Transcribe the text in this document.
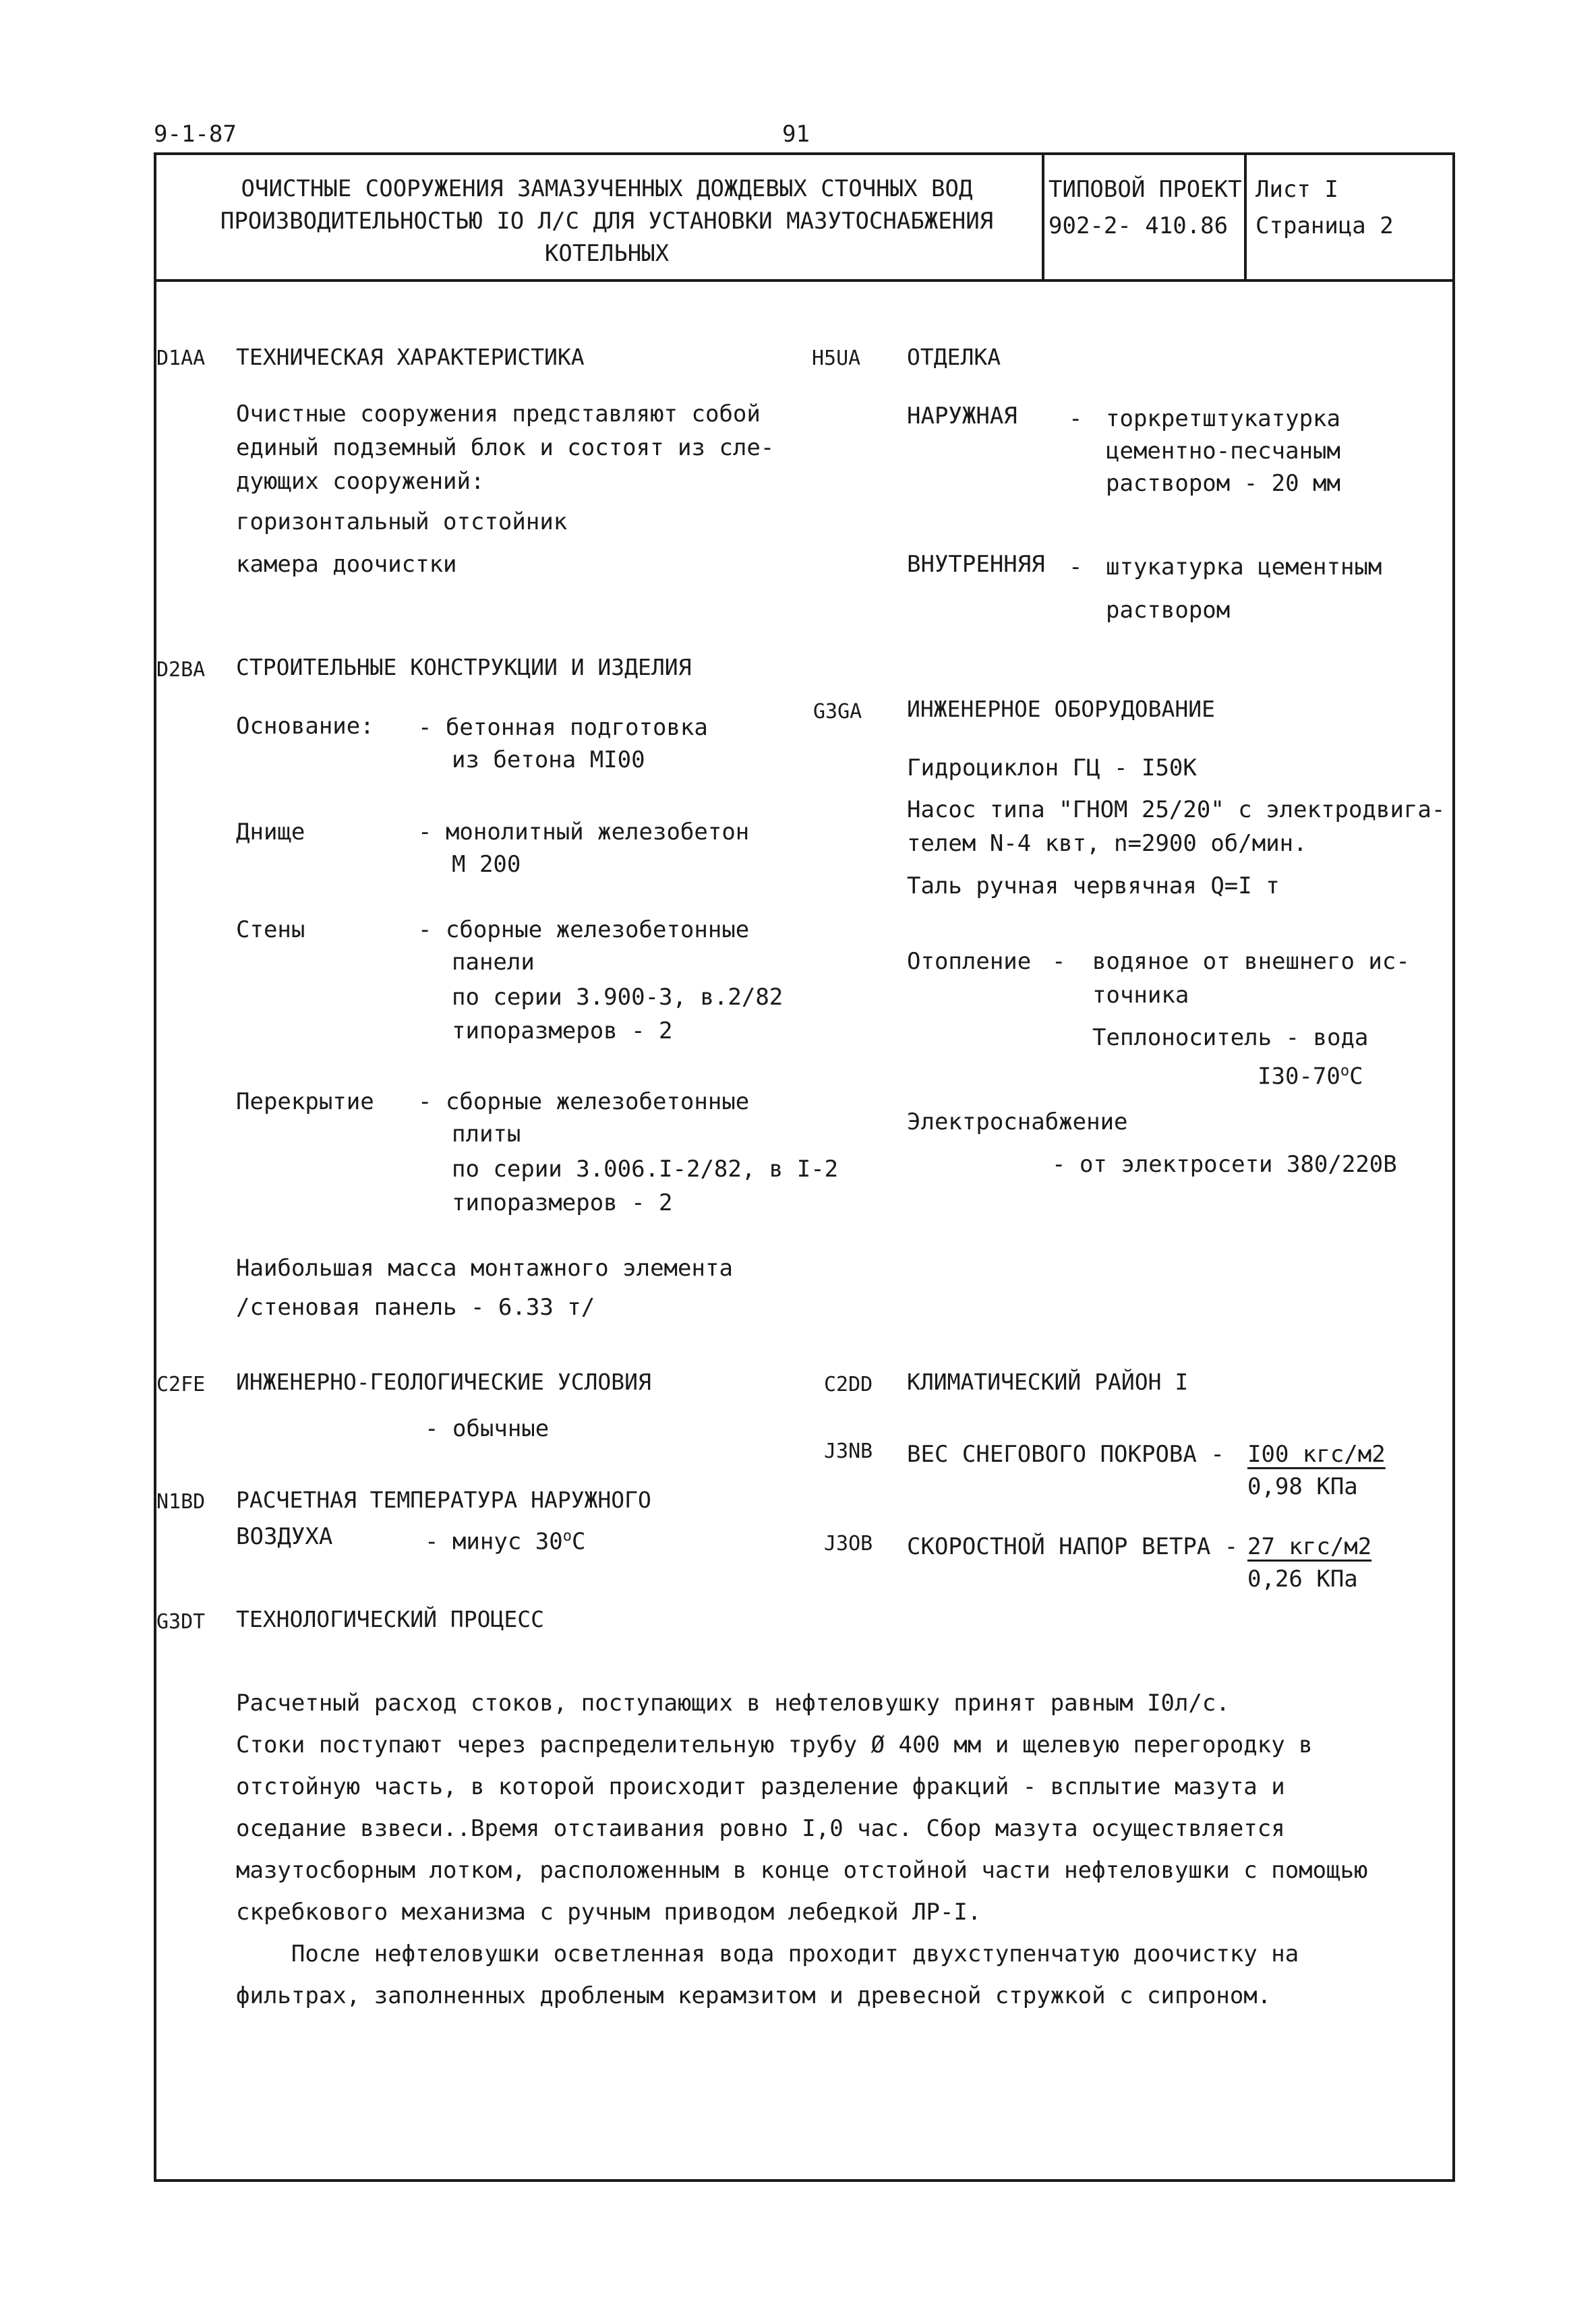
9-1-87	91
ОЧИСТНЫЕ СООРУЖЕНИЯ ЗАМАЗУЧЕННЫХ ДОЖДЕВЫХ СТОЧНЫХ ВОД
ПРОИЗВОДИТЕЛЬНОСТЬЮ IO Л/С ДЛЯ УСТАНОВКИ МАЗУТОСНАБЖЕНИЯ
КОТЕЛЬНЫХ
ТИПОВОЙ ПРОЕКТ
902-2- 410.86
Лист I
Страница 2
D1AA ТЕХНИЧЕСКАЯ ХАРАКТЕРИСТИКА
Очистные сооружения представляют собой
единый подземный блок и состоят из сле-
дующих сооружений:
горизонтальный отстойник
камера доочистки
H5UA ОТДЕЛКА
НАРУЖНАЯ - торкретштукатурка
цементно-песчаным
раствором - 20 мм
ВНУТРЕННЯЯ - штукатурка цементным
раствором
D2BA СТРОИТЕЛЬНЫЕ КОНСТРУКЦИИ И ИЗДЕЛИЯ
Основание: - бетонная подготовка
из бетона MI00
Днище	- монолитный железобетон
M 200
Стены	- сборные железобетонные
панели
по серии 3.900-3, в.2/82
типоразмеров - 2
Перекрытие - сборные железобетонные
плиты
по серии 3.006.I-2/82, в I-2
типоразмеров - 2
Наибольшая масса монтажного элемента
/стеновая панель - 6.33 т/
G3GA ИНЖЕНЕРНОЕ ОБОРУДОВАНИЕ
Гидроциклон ГЦ - I50K
Насос типа "ГНОМ 25/20" с электродвига-
телем N-4 квт, n=2900 об/мин.
Таль ручная червячная Q=I т
Отопление - водяное от внешнего ис-
точника
Теплоноситель - вода
I30-70$^o$C
Электроснабжение
- от электросети 380/220В
C2FE ИНЖЕНЕРНО-ГЕОЛОГИЧЕСКИЕ УСЛОВИЯ
- обычные
N1BD РАСЧЕТНАЯ ТЕМПЕРАТУРА НАРУЖНОГО
ВОЗДУХА	- минус 30$^o$C
C2DD КЛИМАТИЧЕСКИЙ РАЙОН I
J3NB ВЕС СНЕГОВОГО ПОКРОВА - I00 кгс/м2
0,98 КПа
J3OB СКОРОСТНОЙ НАПОР ВЕТРА - 27 кгс/м2
0,26 КПа
G3DT ТЕХНОЛОГИЧЕСКИЙ ПРОЦЕСС
Расчетный расход стоков, поступающих в нефтеловушку принят равным I0л/с.
Стоки поступают через распределительную трубу Ø 400 мм и щелевую перегородку в
отстойную часть, в которой происходит разделение фракций - всплытие мазута и
оседание взвеси..Время отстаивания ровно I,0 час. Сбор мазута осуществляется
мазутосборным лотком, расположенным в конце отстойной части нефтеловушки с помощью
скребкового механизма с ручным приводом лебедкой ЛР-I.
После нефтеловушки осветленная вода проходит двухступенчатую доочистку на
фильтрах, заполненных дробленым керамзитом и древесной стружкой с сипроном.
